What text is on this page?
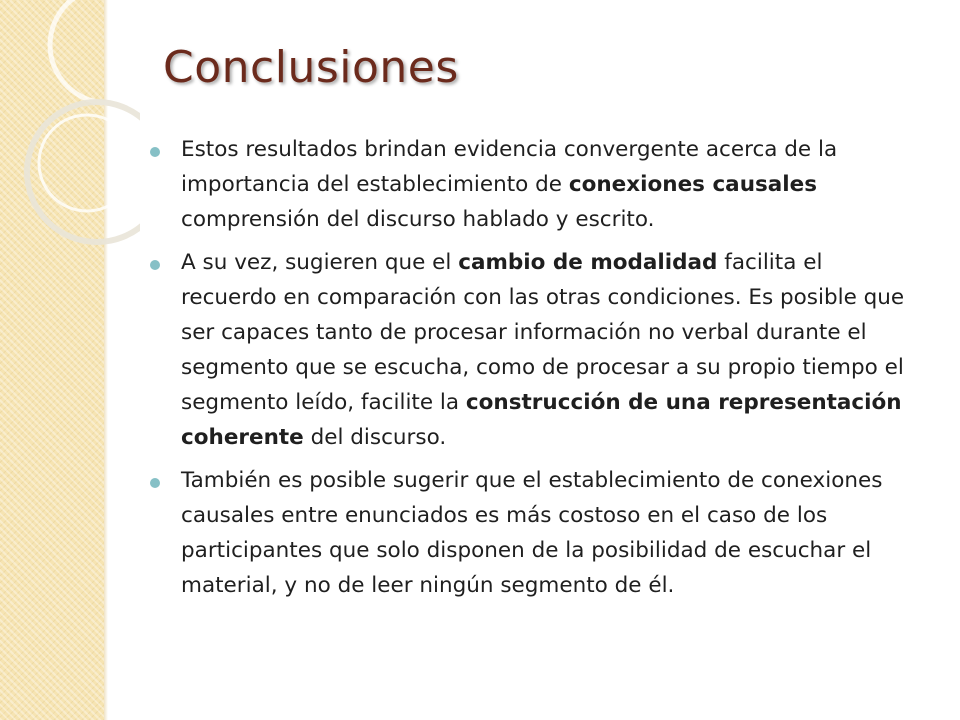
Conclusiones
Estos resultados brindan evidencia convergente acerca de la importancia del establecimiento de conexiones causales comprensión del discurso hablado y escrito.
A su vez, sugieren que el cambio de modalidad facilita el recuerdo en comparación con las otras condiciones. Es posible que ser capaces tanto de procesar información no verbal durante el segmento que se escucha, como de procesar a su propio tiempo el segmento leído, facilite la construcción de una representación coherente del discurso.
También es posible sugerir que el establecimiento de conexiones causales entre enunciados es más costoso en el caso de los participantes que solo disponen de la posibilidad de escuchar el material, y no de leer ningún segmento de él.
